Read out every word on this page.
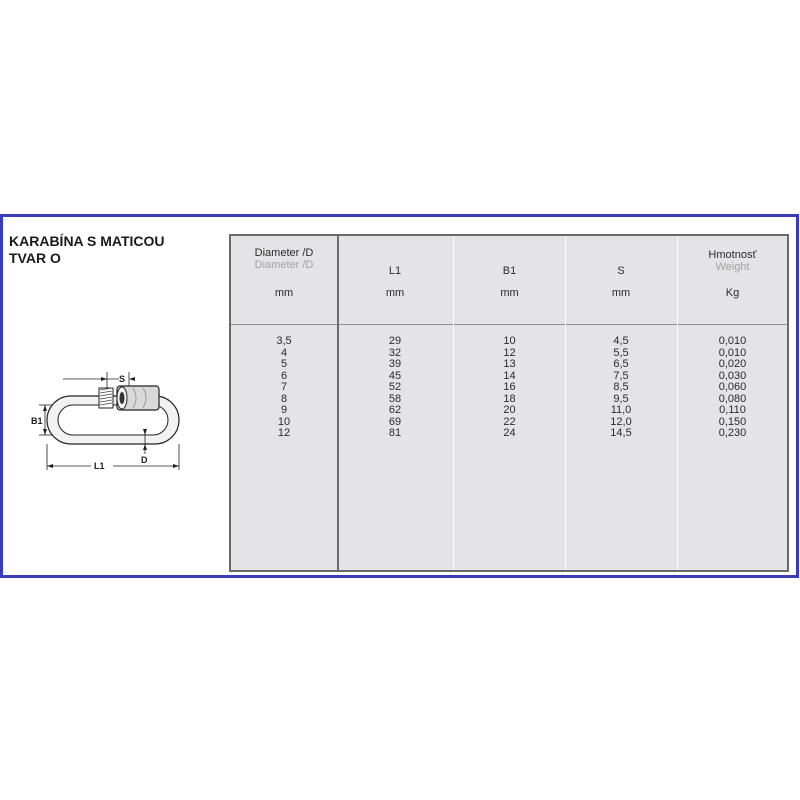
KARABÍNA S MATICOU
TVAR O
S
B1
D
L1
Diameter /D
Diameter /D
mm
3,5
4
5
6
7
8
9
10
12
L1
mm
29
32
39
45
52
58
62
69
81
B1
mm
10
12
13
14
16
18
20
22
24
S
mm
4,5
5,5
6,5
7,5
8,5
9,5
11,0
12,0
14,5
Hmotnosť
Weight
Kg
0,010
0,010
0,020
0,030
0,060
0,080
0,110
0,150
0,230
